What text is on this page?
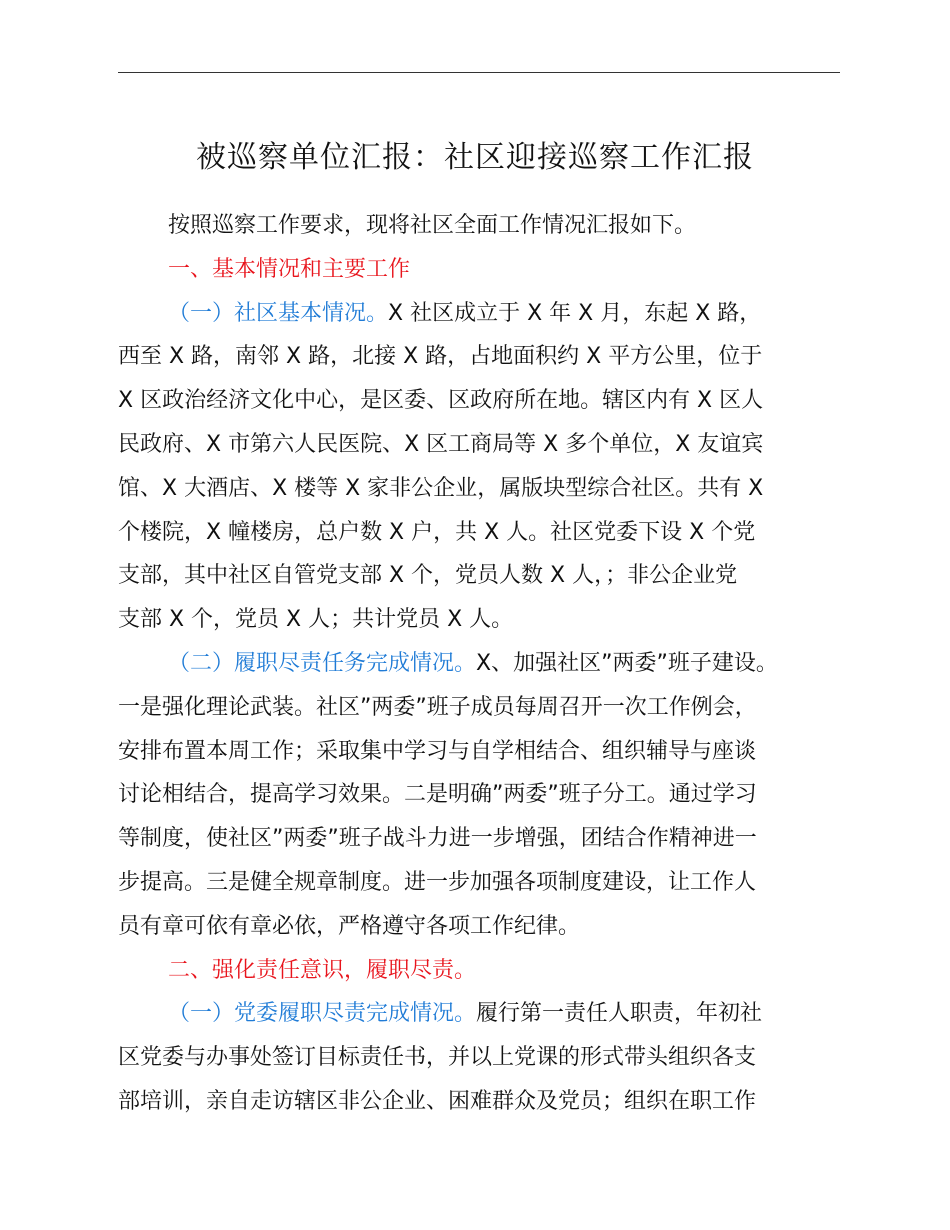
被巡察单位汇报：社区迎接巡察工作汇报
按照巡察工作要求，现将社区全面工作情况汇报如下。
一、基本情况和主要工作
（一）社区基本情况。X 社区成立于 X 年 X 月，东起 X 路，
西至 X 路，南邻 X 路，北接 X 路，占地面积约 X 平方公里，位于
X 区政治经济文化中心，是区委、区政府所在地。辖区内有 X 区人
民政府、X 市第六人民医院、X 区工商局等 X 多个单位，X 友谊宾
馆、X 大酒店、X 楼等 X 家非公企业，属版块型综合社区。共有 X
个楼院，X 幢楼房，总户数 X 户，共 X 人。社区党委下设 X 个党
支部，其中社区自管党支部 X 个，党员人数 X 人，；非公企业党
支部 X 个，党员 X 人；共计党员 X 人。
（二）履职尽责任务完成情况。X、加强社区”两委”班子建设。
一是强化理论武装。社区”两委”班子成员每周召开一次工作例会，
安排布置本周工作；采取集中学习与自学相结合、组织辅导与座谈
讨论相结合，提高学习效果。二是明确”两委”班子分工。通过学习
等制度，使社区”两委”班子战斗力进一步增强，团结合作精神进一
步提高。三是健全规章制度。进一步加强各项制度建设，让工作人
员有章可依有章必依，严格遵守各项工作纪律。
二、强化责任意识，履职尽责。
（一）党委履职尽责完成情况。履行第一责任人职责，年初社
区党委与办事处签订目标责任书，并以上党课的形式带头组织各支
部培训，亲自走访辖区非公企业、困难群众及党员；组织在职工作
